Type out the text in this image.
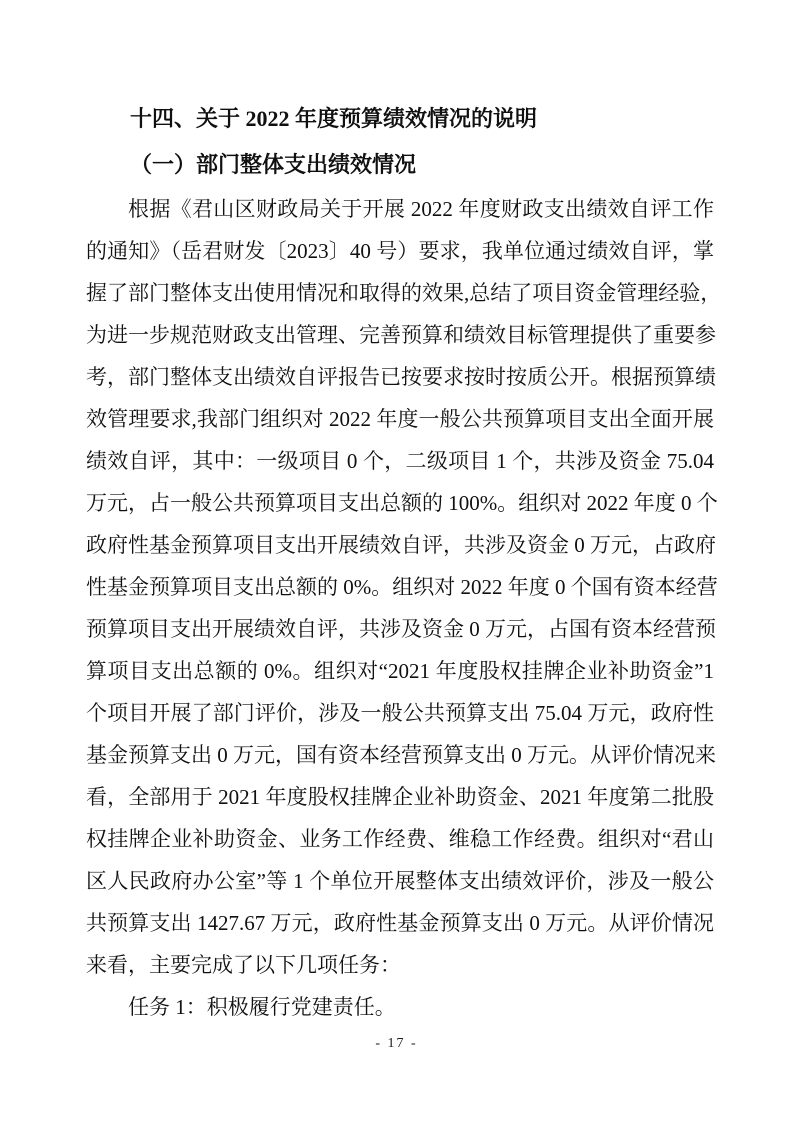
十四、关于 2022 年度预算绩效情况的说明
（一）部门整体支出绩效情况
根据《君山区财政局关于开展 2022 年度财政支出绩效自评工作
的通知》（岳君财发〔2023〕40 号）要求，我单位通过绩效自评，掌
握了部门整体支出使用情况和取得的效果,总结了项目资金管理经验，
为进一步规范财政支出管理、完善预算和绩效目标管理提供了重要参
考，部门整体支出绩效自评报告已按要求按时按质公开。根据预算绩
效管理要求,我部门组织对 2022 年度一般公共预算项目支出全面开展
绩效自评，其中：一级项目 0 个，二级项目 1 个，共涉及资金 75.04
万元，占一般公共预算项目支出总额的 100%。组织对 2022 年度 0 个
政府性基金预算项目支出开展绩效自评，共涉及资金 0 万元，占政府
性基金预算项目支出总额的 0%。组织对 2022 年度 0 个国有资本经营
预算项目支出开展绩效自评，共涉及资金 0 万元，占国有资本经营预
算项目支出总额的 0%。组织对“2021 年度股权挂牌企业补助资金”1
个项目开展了部门评价，涉及一般公共预算支出 75.04 万元，政府性
基金预算支出 0 万元，国有资本经营预算支出 0 万元。从评价情况来
看，全部用于 2021 年度股权挂牌企业补助资金、2021 年度第二批股
权挂牌企业补助资金、业务工作经费、维稳工作经费。组织对“君山
区人民政府办公室”等 1 个单位开展整体支出绩效评价，涉及一般公
共预算支出 1427.67 万元，政府性基金预算支出 0 万元。从评价情况
来看，主要完成了以下几项任务：
任务 1：积极履行党建责任。
- 17 -
